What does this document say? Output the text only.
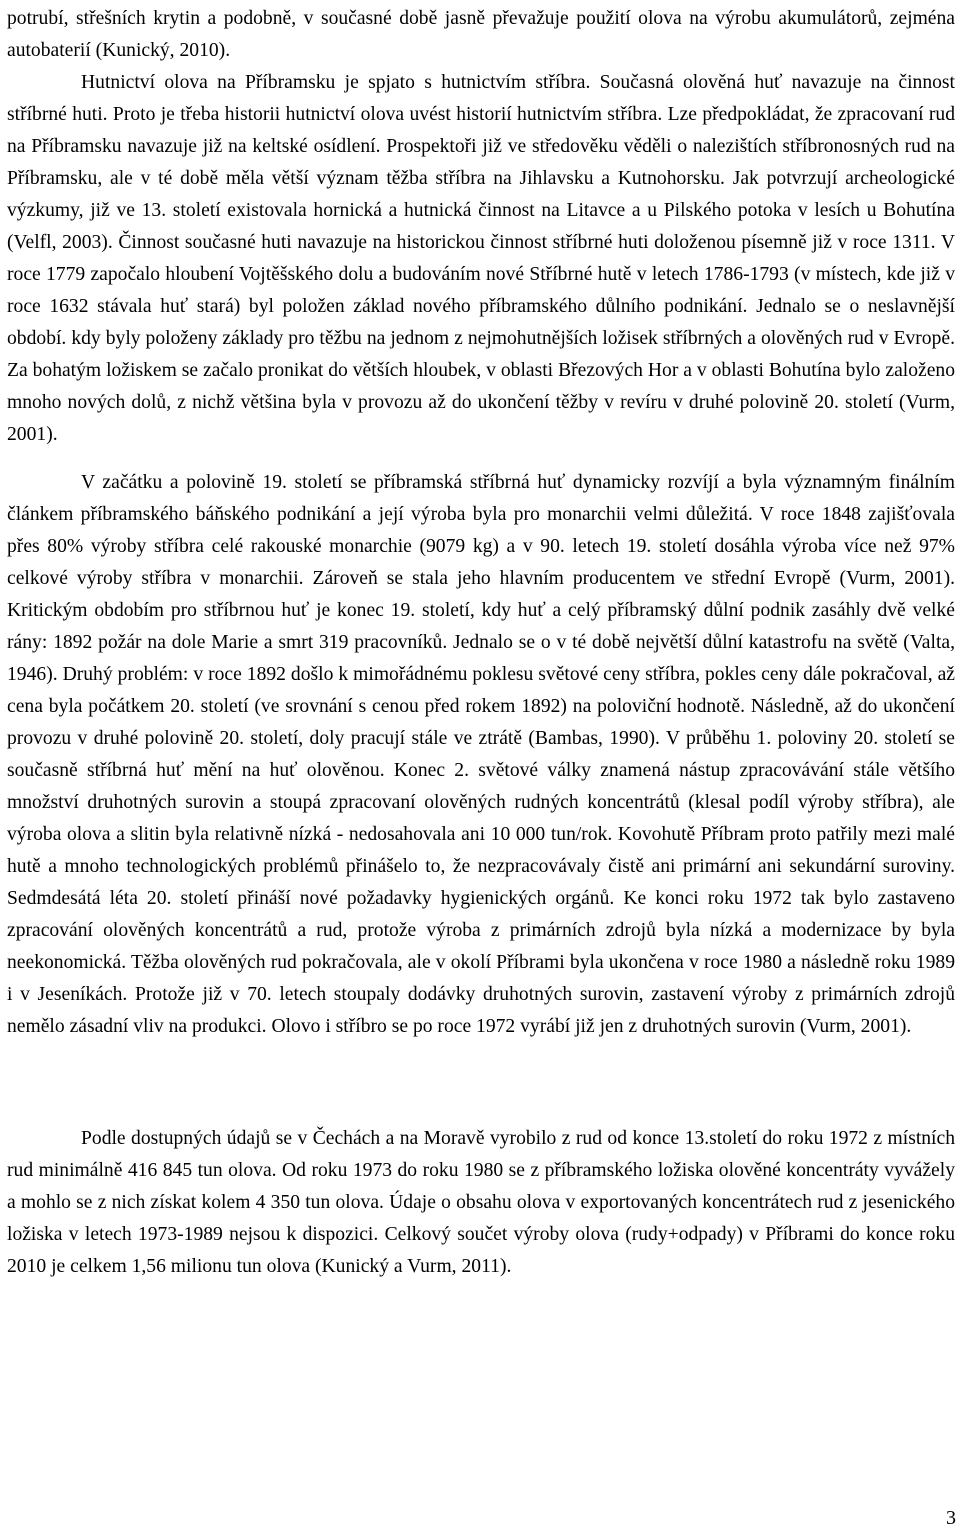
potrubí, střešních krytin a podobně, v současné době jasně převažuje použití olova na výrobu akumulátorů, zejména autobaterií (Kunický, 2010).

Hutnictví olova na Příbramsku je spjato s hutnictvím stříbra. Současná olověná huť navazuje na činnost stříbrné huti. Proto je třeba historii hutnictví olova uvést historií hutnictvím stříbra. Lze předpokládat, že zpracovaní rud na Příbramsku navazuje již na keltské osídlení. Prospektoři již ve středověku věděli o nalezištích stříbronosných rud na Příbramsku, ale v té době měla větší význam těžba stříbra na Jihlavsku a Kutnohorsku. Jak potvrzují archeologické výzkumy, již ve 13. století existovala hornická a hutnická činnost na Litavce a u Pilského potoka v lesích u Bohutína (Velfl, 2003). Činnost současné huti navazuje na historickou činnost stříbrné huti doloženou písemně již v roce 1311. V roce 1779 započalo hloubení Vojtěšského dolu a budováním nové Stříbrné hutě v letech 1786-1793 (v místech, kde již v roce 1632 stávala huť stará) byl položen základ nového příbramského důlního podnikání. Jednalo se o neslavnější období. kdy byly položeny základy pro těžbu na jednom z nejmohutnějších ložisek stříbrných a olověných rud v Evropě. Za bohatým ložiskem se začalo pronikat do větších hloubek, v oblasti Březových Hor a v oblasti Bohutína bylo založeno mnoho nových dolů, z nichž většina byla v provozu až do ukončení těžby v revíru v druhé polovině 20. století (Vurm, 2001).

V začátku a polovině 19. století se příbramská stříbrná huť dynamicky rozvíjí a byla významným finálním článkem příbramského báňského podnikání a její výroba byla pro monarchii velmi důležitá. V roce 1848 zajišťovala přes 80% výroby stříbra celé rakouské monarchie (9079 kg) a v 90. letech 19. století dosáhla výroba více než 97% celkové výroby stříbra v monarchii. Zároveň se stala jeho hlavním producentem ve střední Evropě (Vurm, 2001). Kritickým obdobím pro stříbrnou huť je konec 19. století, kdy huť a celý příbramský důlní podnik zasáhly dvě velké rány: 1892 požár na dole Marie a smrt 319 pracovníků. Jednalo se o v té době největší důlní katastrofu na světě (Valta, 1946). Druhý problém: v roce 1892 došlo k mimořádnému poklesu světové ceny stříbra, pokles ceny dále pokračoval, až cena byla počátkem 20. století (ve srovnání s cenou před rokem 1892) na poloviční hodnotě. Následně, až do ukončení provozu v druhé polovině 20. století, doly pracují stále ve ztrátě (Bambas, 1990). V průběhu 1. poloviny 20. století se současně stříbrná huť mění na huť olověnou. Konec 2. světové války znamená nástup zpracovávání stále většího množství druhotných surovin a stoupá zpracovaní olověných rudných koncentrátů (klesal podíl výroby stříbra), ale výroba olova a slitin byla relativně nízká - nedosahovala ani 10 000 tun/rok. Kovohutě Příbram proto patřily mezi malé hutě a mnoho technologických problémů přinášelo to, že nezpracovávaly čistě ani primární ani sekundární suroviny. Sedmdesátá léta 20. století přináší nové požadavky hygienických orgánů. Ke konci roku 1972 tak bylo zastaveno zpracování olověných koncentrátů a rud, protože výroba z primárních zdrojů byla nízká a modernizace by byla neekonomická. Těžba olověných rud pokračovala, ale v okolí Příbrami byla ukončena v roce 1980 a následně roku 1989 i v Jeseníkách. Protože již v 70. letech stoupaly dodávky druhotných surovin, zastavení výroby z primárních zdrojů nemělo zásadní vliv na produkci. Olovo i stříbro se po roce 1972 vyrábí již jen z druhotných surovin (Vurm, 2001).

Podle dostupných údajů se v Čechách a na Moravě vyrobilo z rud od konce 13.století do roku 1972 z místních rud minimálně 416 845 tun olova. Od roku 1973 do roku 1980 se z příbramského ložiska olověné koncentráty vyvážely a mohlo se z nich získat kolem 4 350 tun olova. Údaje o obsahu olova v exportovaných koncentrátech rud z jesenického ložiska v letech 1973-1989 nejsou k dispozici. Celkový součet výroby olova (rudy+odpady) v Příbrami do konce roku 2010 je celkem 1,56 milionu tun olova (Kunický a Vurm, 2011).

3
